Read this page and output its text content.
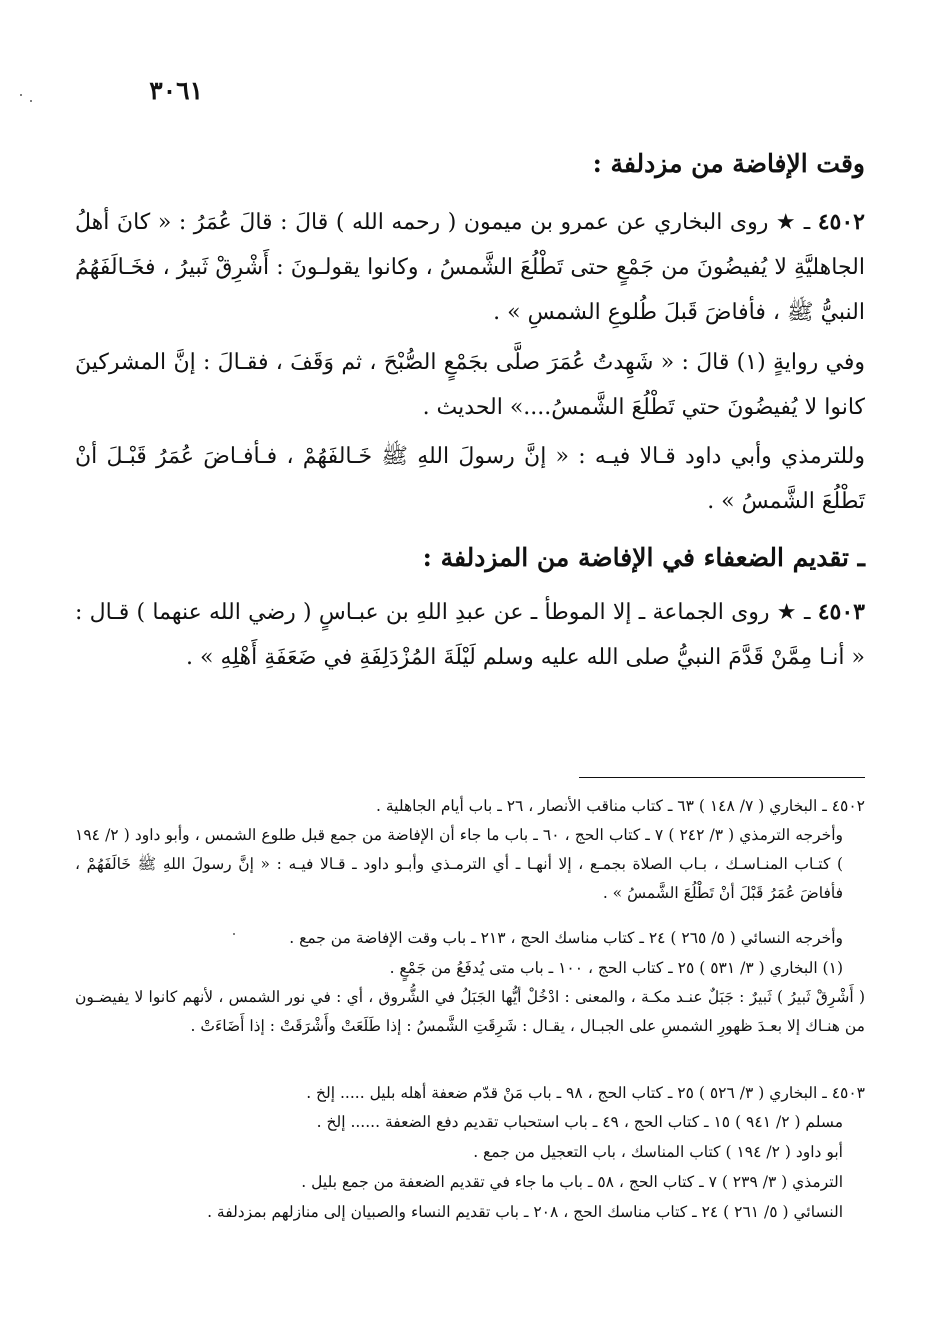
٣٠٦١
وقت الإفاضة من مزدلفة :
٤٥٠٢ ـ ★ روى البخاري عن عمرو بن ميمون ( رحمه الله ) قالَ : قالَ عُمَرُ : « كانَ أهلُ الجاهليَّةِ لا يُفيضُونَ من جَمْعٍ حتى تَطْلُعَ الشَّمسُ ، وكانوا يقولـونَ : أَشْرِقْ ثَبيرُ ، فخَـالَفَهُمُ النبيُّ ﷺ ، فأفاضَ قَبلَ طُلوعِ الشمسِ » .
وفي روايةٍ (١) قالَ : « شَهِدتُ عُمَرَ صلَّى بجَمْعٍ الصُّبْحَ ، ثم وَقَفَ ، فقـالَ : إنَّ المشركينَ كانوا لا يُفيضُونَ حتي تَطْلُعَ الشَّمسُ....» الحديث .
وللترمذي وأبي داود قـالا فيـه : « إنَّ رسولَ اللهِ ﷺ خَـالفَهُمْ ، فـأفـاضَ عُمَرُ قَبْـلَ أنْ تَطْلُعَ الشَّمسُ » .
ـ تقديم الضعفاء في الإفاضة من المزدلفة :
٤٥٠٣ ـ ★ روى الجماعة ـ إلا الموطأ ـ عن عبدِ اللهِ بن عبـاسٍ ( رضي الله عنهما ) قـال : « أنـا مِمَّنْ قَدَّمَ النبيُّ صلى الله عليه وسلم لَيْلَةَ المُزْدَلِفَةِ في ضَعَفَةِ أَهْلِهِ » .
٤٥٠٢ ـ البخاري ( ٧/ ١٤٨ ) ٦٣ ـ كتاب مناقب الأنصار ، ٢٦ ـ باب أيام الجاهلية .
وأخرجه الترمذي ( ٣/ ٢٤٢ ) ٧ ـ كتاب الحج ، ٦٠ ـ باب ما جاء أن الإفاضة من جمع قبل طلوع الشمس ، وأبو داود ( ٢/ ١٩٤ ) كتـاب المنـاسـك ، بـاب الصلاة بجمـع ، إلا أنهـا ـ أي الترمـذي وأبـو داود ـ قـالا فيـه : « إنَّ رسولَ اللهِ ﷺ خَالَفَهُمْ ، فأفاضَ عُمَرُ قَبْلَ أنْ تَطْلُعَ الشَّمسُ » .
وأخرجه النسائي ( ٥/ ٢٦٥ ) ٢٤ ـ كتاب مناسك الحج ، ٢١٣ ـ باب وقت الإفاضة من جمع .
(١) البخاري ( ٣/ ٥٣١ ) ٢٥ ـ كتاب الحج ، ١٠٠ ـ باب متى يُدفَعُ من جَمْعٍ .
( أَشْرِقْ ثَبيرُ ) ثَبيرٌ : جَبَلٌ عنـد مكـة ، والمعنى : ادْخُلْ أيُّها الجَبَلُ في الشُّروق ، أي : في نور الشمس ، لأنهم كانوا لا يفيضـون من هنـاك إلا بعـدَ ظهورِ الشمسِ على الجبـال ، يقـال : شَرِقَتِ الشَّمسُ : إذا طَلَعَتْ وأَشْرَقَتْ : إذا أَضَاءَتْ .
٤٥٠٣ ـ البخاري ( ٣/ ٥٢٦ ) ٢٥ ـ كتاب الحج ، ٩٨ ـ باب مَنْ قدّم ضعفة أهله بليل ..... إلخ .
مسلم ( ٢/ ٩٤١ ) ١٥ ـ كتاب الحج ، ٤٩ ـ باب استحباب تقديم دفع الضعفة ...... إلخ .
أبو داود ( ٢/ ١٩٤ ) كتاب المناسك ، باب التعجيل من جمع .
الترمذي ( ٣/ ٢٣٩ ) ٧ ـ كتاب الحج ، ٥٨ ـ باب ما جاء في تقديم الضعفة من جمع بليل .
النسائي ( ٥/ ٢٦١ ) ٢٤ ـ كتاب مناسك الحج ، ٢٠٨ ـ باب تقديم النساء والصبيان إلى منازلهم بمزدلفة .
